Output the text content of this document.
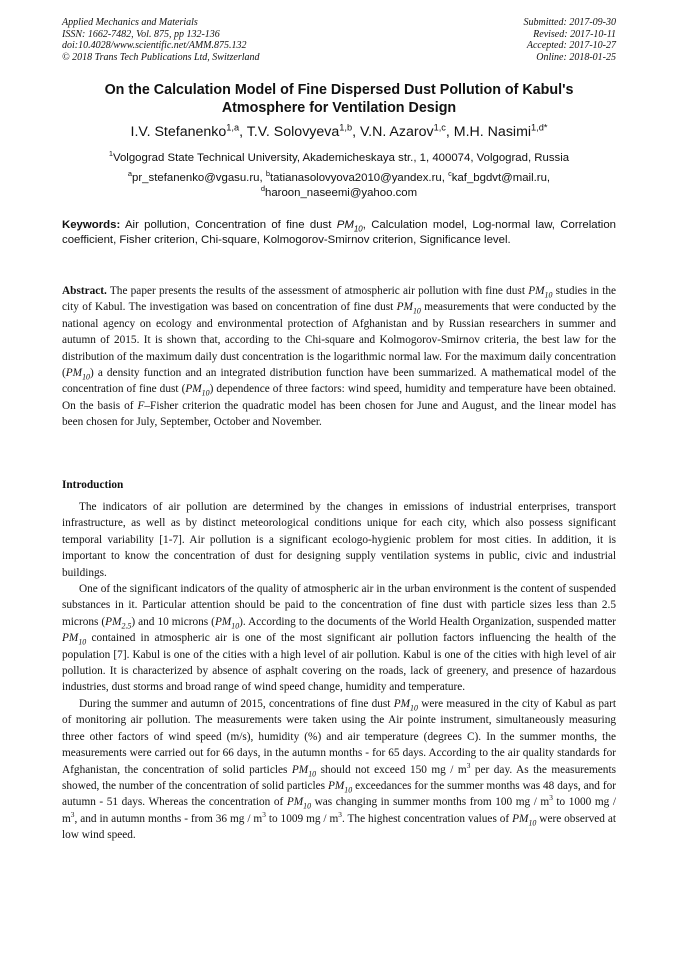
Applied Mechanics and Materials
ISSN: 1662-7482, Vol. 875, pp 132-136
doi:10.4028/www.scientific.net/AMM.875.132
© 2018 Trans Tech Publications Ltd, Switzerland
Submitted: 2017-09-30
Revised: 2017-10-11
Accepted: 2017-10-27
Online: 2018-01-25
On the Calculation Model of Fine Dispersed Dust Pollution of Kabul's
Atmosphere for Ventilation Design
I.V. Stefanenko$^{1,a}$, T.V. Solovyeva$^{1,b}$, V.N. Azarov$^{1,c}$, M.H. Nasimi$^{1,d*}$
$^1$Volgograd State Technical University, Akademicheskaya str., 1, 400074, Volgograd, Russia
$^a$pr_stefanenko@vgasu.ru, $^b$tatianasolovyova2010@yandex.ru, $^c$kaf_bgdvt@mail.ru,
$^d$haroon_naseemi@yahoo.com
Keywords: Air pollution, Concentration of fine dust $PM_{10}$, Calculation model, Log-normal law, Correlation coefficient, Fisher criterion, Chi-square, Kolmogorov-Smirnov criterion, Significance level.
Abstract. The paper presents the results of the assessment of atmospheric air pollution with fine dust $PM_{10}$ studies in the city of Kabul. The investigation was based on concentration of fine dust $PM_{10}$ measurements that were conducted by the national agency on ecology and environmental protection of Afghanistan and by Russian researchers in summer and autumn of 2015. It is shown that, according to the Chi-square and Kolmogorov-Smirnov criteria, the best law for the distribution of the maximum daily dust concentration is the logarithmic normal law. For the maximum daily concentration $(PM_{10})$ a density function and an integrated distribution function have been summarized. A mathematical model of the concentration of fine dust $(PM_{10})$ dependence of three factors: wind speed, humidity and temperature have been obtained. On the basis of F–Fisher criterion the quadratic model has been chosen for June and August, and the linear model has been chosen for July, September, October and November.
Introduction

The indicators of air pollution are determined by the changes in emissions of industrial enterprises, transport infrastructure, as well as by distinct meteorological conditions unique for each city, which also possess significant temporal variability [1-7]. Air pollution is a significant ecologo-hygienic problem for most cities. In addition, it is important to know the concentration of dust for designing supply ventilation systems in public, civic and industrial buildings.

One of the significant indicators of the quality of atmospheric air in the urban environment is the content of suspended substances in it. Particular attention should be paid to the concentration of fine dust with particle sizes less than 2.5 microns $(PM_{2.5})$ and 10 microns $(PM_{10})$. According to the documents of the World Health Organization, suspended matter $PM_{10}$ contained in atmospheric air is one of the most significant air pollution factors influencing the health of the population [7]. Kabul is one of the cities with a high level of air pollution. Kabul is one of the cities with high level of air pollution. It is characterized by absence of asphalt covering on the roads, lack of greenery, and presence of hazardous industries, dust storms and broad range of wind speed change, humidity and temperature.

During the summer and autumn of 2015, concentrations of fine dust $PM_{10}$ were measured in the city of Kabul as part of monitoring air pollution. The measurements were taken using the Air pointe instrument, simultaneously measuring three other factors of wind speed (m/s), humidity (%) and air temperature (degrees C). In the summer months, the measurements were carried out for 66 days, in the autumn months - for 65 days. According to the air quality standards for Afghanistan, the concentration of solid particles $PM_{10}$ should not exceed 150 mg / $m^3$ per day. As the measurements showed, the number of the concentration of solid particles $PM_{10}$ exceedances for the summer months was 48 days, and for autumn - 51 days. Whereas the concentration of $PM_{10}$ was changing in summer months from 100 mg / $m^3$ to 1000 mg / $m^3$, and in autumn months - from 36 mg / $m^3$ to 1009 mg / $m^3$. The highest concentration values of $PM_{10}$ were observed at low wind speed.
